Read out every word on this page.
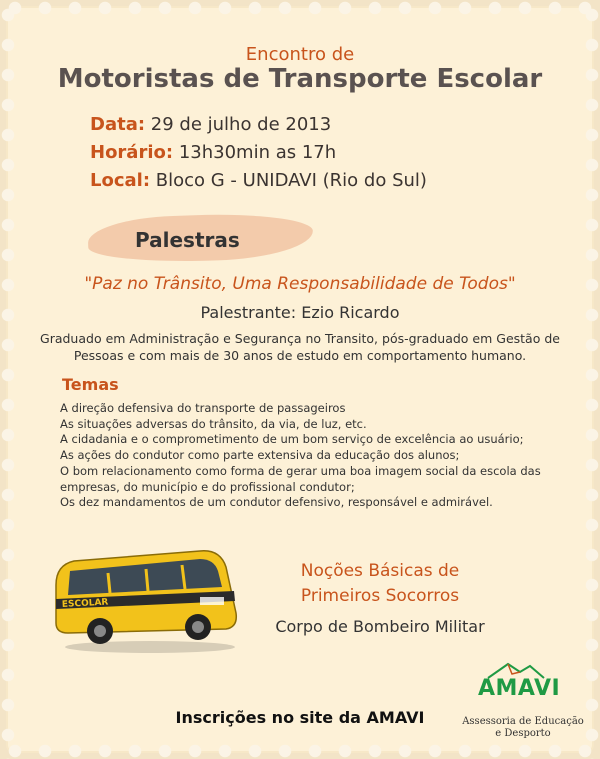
Encontro de
Motoristas de Transporte Escolar
Data: 29 de julho de 2013
Horário: 13h30min as 17h
Local: Bloco G - UNIDAVI (Rio do Sul)
Palestras
"Paz no Trânsito, Uma Responsabilidade de Todos"
Palestrante: Ezio Ricardo
Graduado em Administração e Segurança no Transito, pós-graduado em Gestão de Pessoas e com mais de 30 anos de estudo em comportamento humano.
Temas
A direção defensiva do transporte de passageiros
As situações adversas do trânsito, da via, de luz, etc.
A cidadania e o comprometimento de um bom serviço de excelência ao usuário;
As ações do condutor como parte extensiva da educação dos alunos;
O bom relacionamento como forma de gerar uma boa imagem social da escola das empresas, do município e do profissional condutor;
Os dez mandamentos de um condutor defensivo, responsável e admirável.
ESCOLAR
Noções Básicas de
Primeiros Socorros
Corpo de Bombeiro Militar
Inscrições no site da AMAVI
AMAVI
Assessoria de Educação e Desporto
